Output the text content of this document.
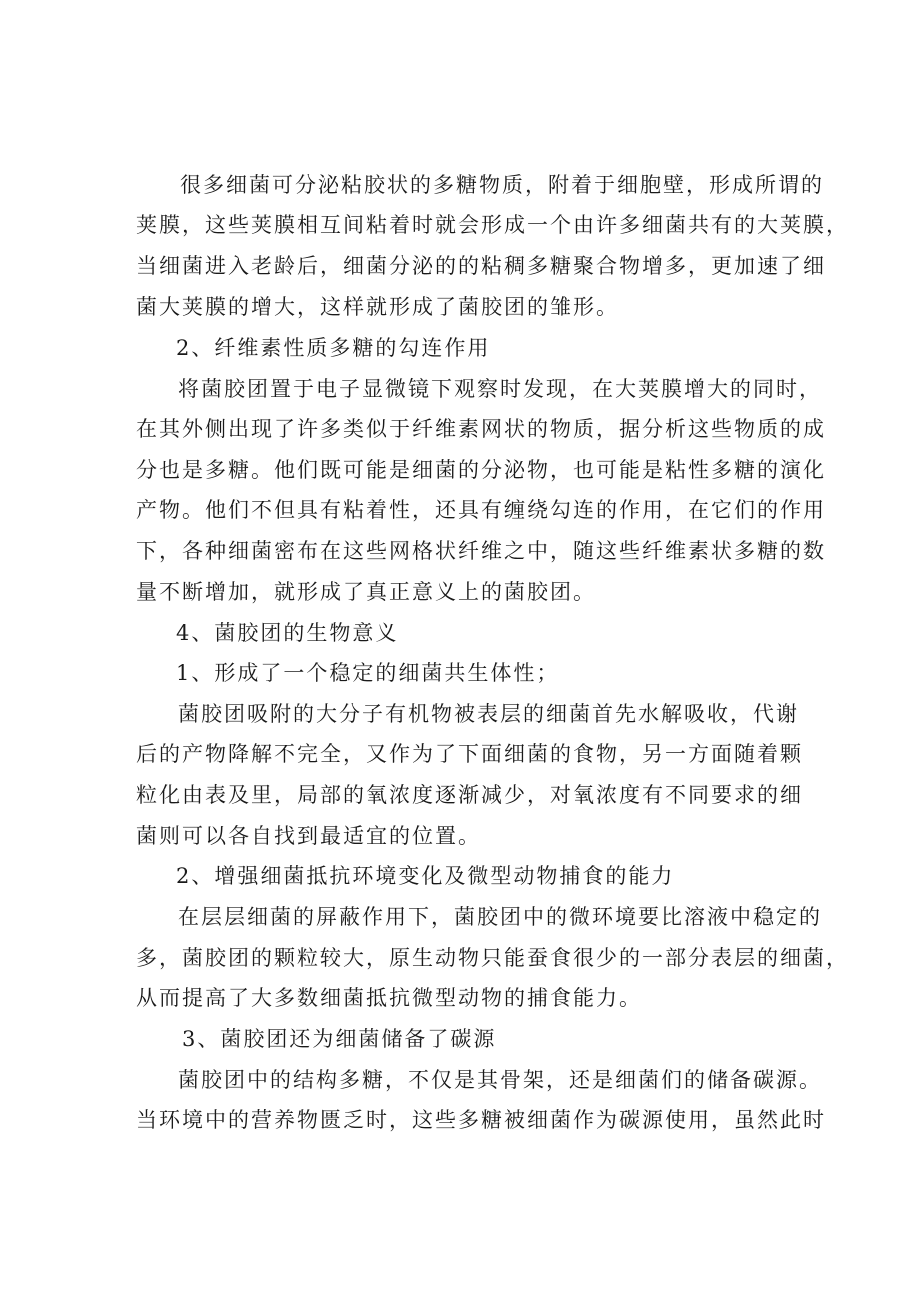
很多细菌可分泌粘胶状的多糖物质，附着于细胞壁，形成所谓的
荚膜，这些荚膜相互间粘着时就会形成一个由许多细菌共有的大荚膜，
当细菌进入老龄后，细菌分泌的的粘稠多糖聚合物增多，更加速了细
菌大荚膜的增大，这样就形成了菌胶团的雏形。
2、纤维素性质多糖的勾连作用
将菌胶团置于电子显微镜下观察时发现，在大荚膜增大的同时，
在其外侧出现了许多类似于纤维素网状的物质，据分析这些物质的成
分也是多糖。他们既可能是细菌的分泌物，也可能是粘性多糖的演化
产物。他们不但具有粘着性，还具有缠绕勾连的作用，在它们的作用
下，各种细菌密布在这些网格状纤维之中，随这些纤维素状多糖的数
量不断增加，就形成了真正意义上的菌胶团。
4、菌胶团的生物意义
1、形成了一个稳定的细菌共生体性；
菌胶团吸附的大分子有机物被表层的细菌首先水解吸收，代谢
后的产物降解不完全，又作为了下面细菌的食物，另一方面随着颗
粒化由表及里，局部的氧浓度逐渐减少，对氧浓度有不同要求的细
菌则可以各自找到最适宜的位置。
2、增强细菌抵抗环境变化及微型动物捕食的能力
在层层细菌的屏蔽作用下，菌胶团中的微环境要比溶液中稳定的
多，菌胶团的颗粒较大，原生动物只能蚕食很少的一部分表层的细菌，
从而提高了大多数细菌抵抗微型动物的捕食能力。
3、菌胶团还为细菌储备了碳源
菌胶团中的结构多糖，不仅是其骨架，还是细菌们的储备碳源。
当环境中的营养物匮乏时，这些多糖被细菌作为碳源使用，虽然此时
